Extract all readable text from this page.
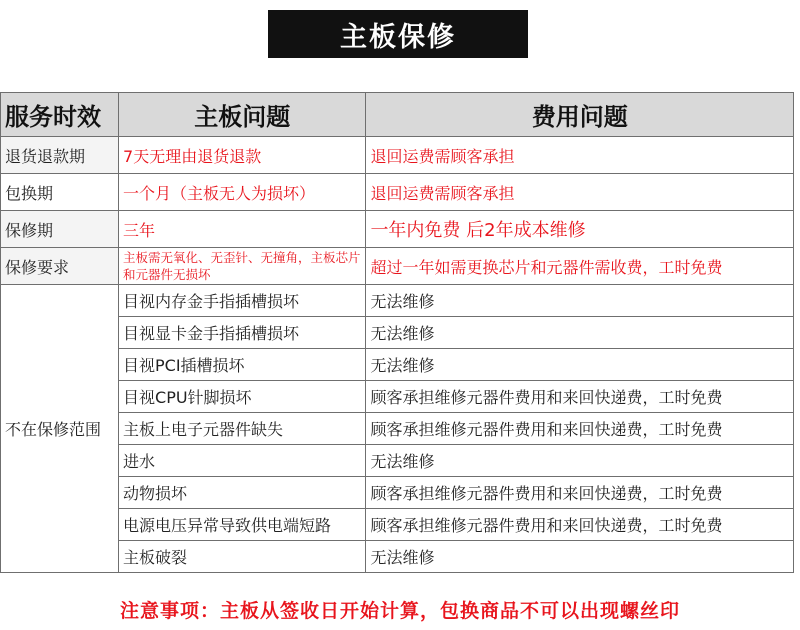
主板保修
服务时效	主板问题	费用问题
退货退款期	7天无理由退货退款	退回运费需顾客承担
包换期	一个月（主板无人为损坏）	退回运费需顾客承担
保修期	三年	一年内免费 后2年成本维修
保修要求	主板需无氧化、无歪针、无撞角，主板芯片和元器件无损坏	超过一年如需更换芯片和元器件需收费，工时免费
不在保修范围	目视内存金手指插槽损坏	无法维修
	目视显卡金手指插槽损坏	无法维修
	目视PCI插槽损坏	无法维修
	目视CPU针脚损坏	顾客承担维修元器件费用和来回快递费，工时免费
	主板上电子元器件缺失	顾客承担维修元器件费用和来回快递费，工时免费
	进水	无法维修
	动物损坏	顾客承担维修元器件费用和来回快递费，工时免费
	电源电压异常导致供电端短路	顾客承担维修元器件费用和来回快递费，工时免费
	主板破裂	无法维修
注意事项：主板从签收日开始计算，包换商品不可以出现螺丝印
